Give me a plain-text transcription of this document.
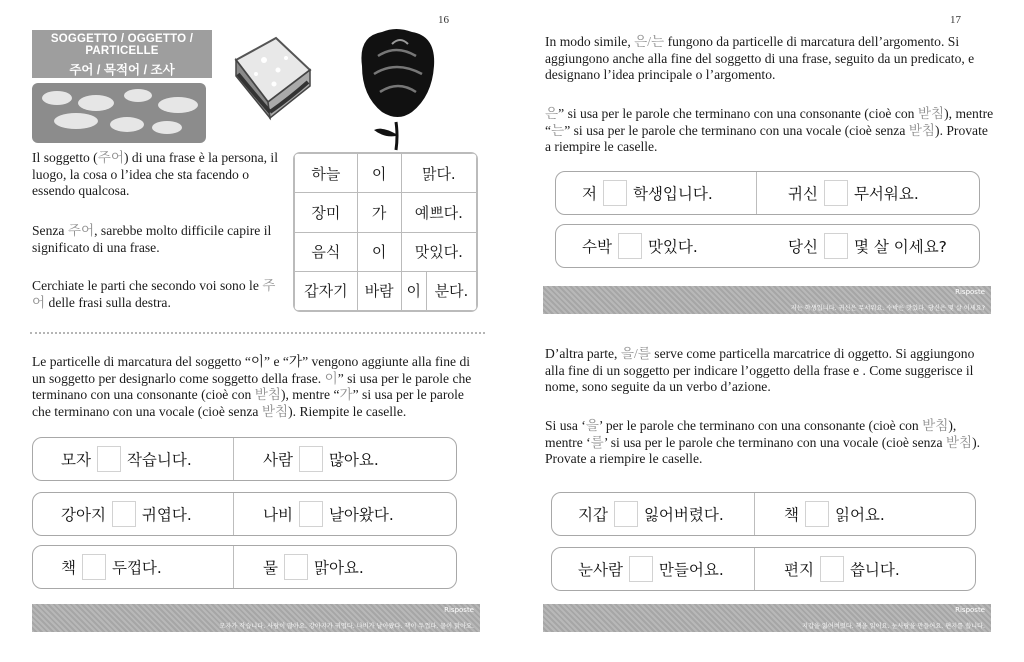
16
SOGGETTO / OGGETTO / PARTICELLE
주어 / 목적어 / 조사
Il soggetto (주어) di una frase è la persona, il luogo, la cosa o l’idea che sta facendo o essendo qualcosa.
Senza 주어, sarebbe molto difficile capire il significato di una frase.
Cerchiate le parti che secondo voi sono le 주어 delle frasi sulla destra.
하늘	이	맑다.	
장미	가	예쁘다.	
음식	이	맛있다.	
갑자기	바람	이	분다.
Le particelle di marcatura del soggetto “이” e “가” vengono aggiunte alla fine di un soggetto per designarlo come soggetto della frase. 이” si usa per le parole che terminano con una consonante (cioè con 받침), mentre “가” si usa per le parole che terminano con una vocale (cioè senza 받침). Riempite le caselle.
모자 작습니다.	사람 많아요.
강아지 귀엽다.	나비 날아왔다.
책 두껍다.	물 맑아요.
Risposte
모자가 작습니다. 사람이 많아요. 강아지가 귀엽다. 나비가 날아왔다. 책이 두껍다. 물이 맑아요.
17
In modo simile, 은/는 fungono da particelle di marcatura dell’argomento. Si aggiungono anche alla fine del soggetto di una frase, seguito da un predicato, e designano l’idea principale o l’argomento.
은” si usa per le parole che terminano con una consonante (cioè con 받침), mentre “는” si usa per le parole che terminano con una vocale (cioè senza 받침). Provate a riempire le caselle.
저 학생입니다.	귀신 무서워요.
수박 맛있다.	당신 몇 살 이세요?
Risposte
저는 학생입니다. 귀신은 무서워요. 수박은 맛있다. 당신은 몇 살 이세요?
D’altra parte, 을/를 serve come particella marcatrice di oggetto. Si aggiungono alla fine di un soggetto per indicare l’oggetto della frase e . Come suggerisce il nome, sono seguite da un verbo d’azione.
Si usa ‘을’ per le parole che terminano con una consonante (cioè con 받침), mentre ‘를’ si usa per le parole che terminano con una vocale (cioè senza 받침). Provate a riempire le caselle.
지갑 잃어버렸다.	책 읽어요.
눈사람 만들어요.	편지 씁니다.
Risposte
지갑을 잃어버렸다. 책을 읽어요. 눈사람을 만들어요. 편지를 씁니다.
